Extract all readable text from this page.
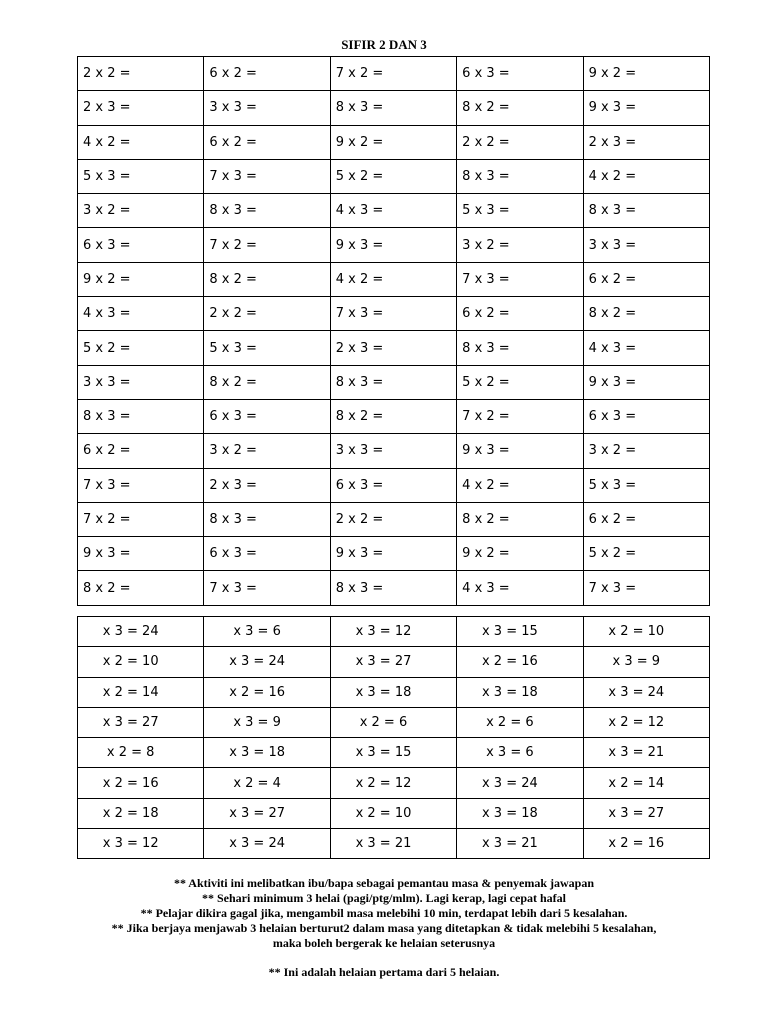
SIFIR 2 DAN 3
2 x 2 =	6 x 2 =	7 x 2 =	6 x 3 =	9 x 2 =
2 x 3 =	3 x 3 =	8 x 3 =	8 x 2 =	9 x 3 =
4 x 2 =	6 x 2 =	9 x 2 =	2 x 2 =	2 x 3 =
5 x 3 =	7 x 3 =	5 x 2 =	8 x 3 =	4 x 2 =
3 x 2 =	8 x 3 =	4 x 3 =	5 x 3 =	8 x 3 =
6 x 3 =	7 x 2 =	9 x 3 =	3 x 2 =	3 x 3 =
9 x 2 =	8 x 2 =	4 x 2 =	7 x 3 =	6 x 2 =
4 x 3 =	2 x 2 =	7 x 3 =	6 x 2 =	8 x 2 =
5 x 2 =	5 x 3 =	2 x 3 =	8 x 3 =	4 x 3 =
3 x 3 =	8 x 2 =	8 x 3 =	5 x 2 =	9 x 3 =
8 x 3 =	6 x 3 =	8 x 2 =	7 x 2 =	6 x 3 =
6 x 2 =	3 x 2 =	3 x 3 =	9 x 3 =	3 x 2 =
7 x 3 =	2 x 3 =	6 x 3 =	4 x 2 =	5 x 3 =
7 x 2 =	8 x 3 =	2 x 2 =	8 x 2 =	6 x 2 =
9 x 3 =	6 x 3 =	9 x 3 =	9 x 2 =	5 x 2 =
8 x 2 =	7 x 3 =	8 x 3 =	4 x 3 =	7 x 3 =
x 3 = 24	x 3 = 6	x 3 = 12	x 3 = 15	x 2 = 10
x 2 = 10	x 3 = 24	x 3 = 27	x 2 = 16	x 3 = 9
x 2 = 14	x 2 = 16	x 3 = 18	x 3 = 18	x 3 = 24
x 3 = 27	x 3 = 9	x 2 = 6	x 2 = 6	x 2 = 12
x 2 = 8	x 3 = 18	x 3 = 15	x 3 = 6	x 3 = 21
x 2 = 16	x 2 = 4	x 2 = 12	x 3 = 24	x 2 = 14
x 2 = 18	x 3 = 27	x 2 = 10	x 3 = 18	x 3 = 27
x 3 = 12	x 3 = 24	x 3 = 21	x 3 = 21	x 2 = 16
** Aktiviti ini melibatkan ibu/bapa sebagai pemantau masa & penyemak jawapan
** Sehari minimum 3 helai (pagi/ptg/mlm). Lagi kerap, lagi cepat hafal
** Pelajar dikira gagal jika, mengambil masa melebihi 10 min, terdapat lebih dari 5 kesalahan.
** Jika berjaya menjawab 3 helaian berturut2 dalam masa yang ditetapkan & tidak melebihi 5 kesalahan,
maka boleh bergerak ke helaian seterusnya
** Ini adalah helaian pertama dari 5 helaian.
